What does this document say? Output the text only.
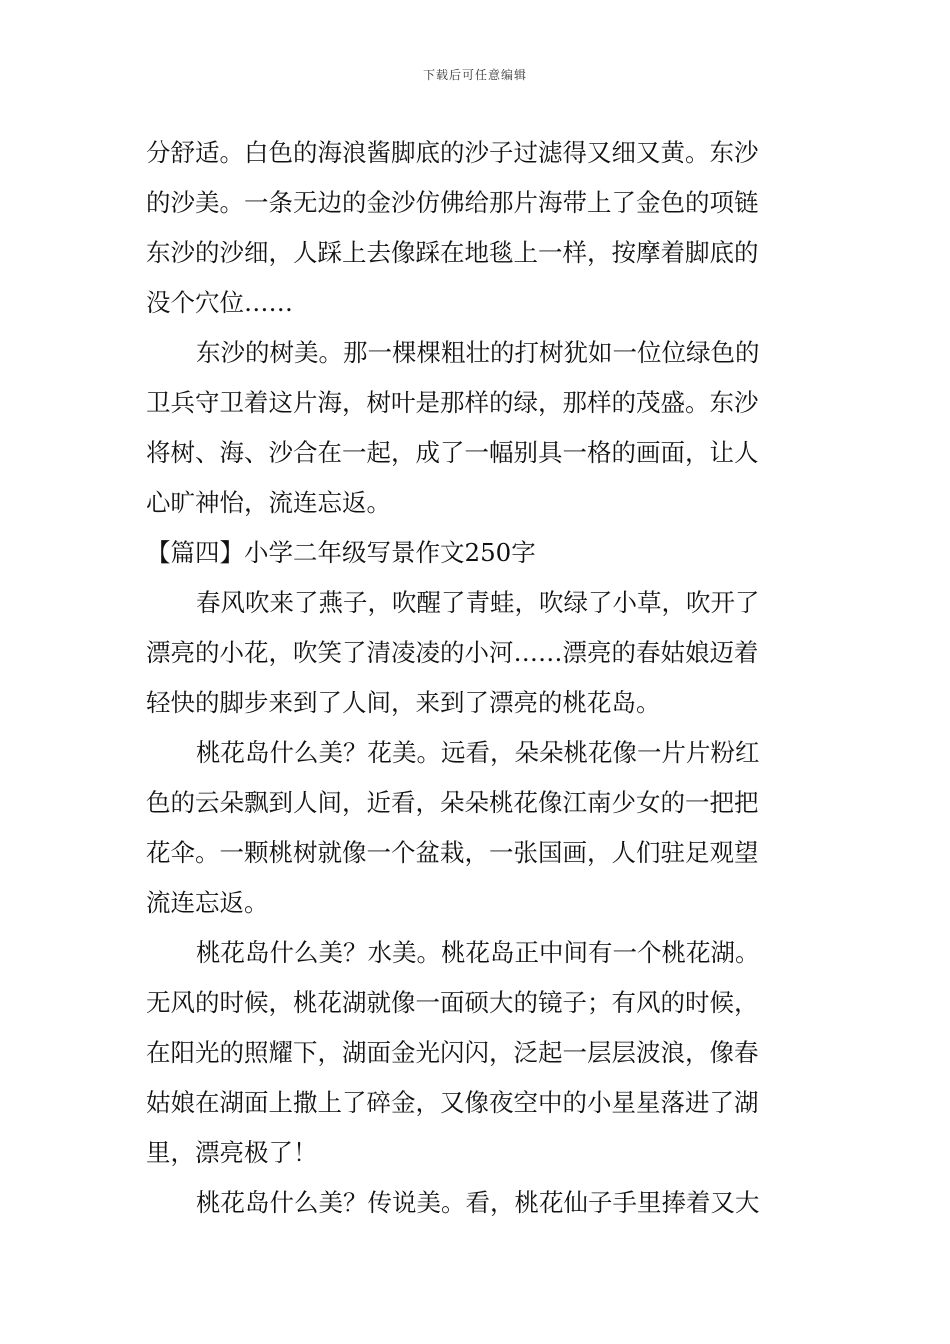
下载后可任意编辑
分舒适。白色的海浪酱脚底的沙子过滤得又细又黄。东沙
的沙美。一条无边的金沙仿佛给那片海带上了金色的项链
东沙的沙细，人踩上去像踩在地毯上一样，按摩着脚底的
没个穴位……
东沙的树美。那一棵棵粗壮的打树犹如一位位绿色的
卫兵守卫着这片海，树叶是那样的绿，那样的茂盛。东沙
将树、海、沙合在一起，成了一幅别具一格的画面，让人
心旷神怡，流连忘返。
【篇四】小学二年级写景作文250字
春风吹来了燕子，吹醒了青蛙，吹绿了小草，吹开了
漂亮的小花，吹笑了清凌凌的小河……漂亮的春姑娘迈着
轻快的脚步来到了人间，来到了漂亮的桃花岛。
桃花岛什么美？花美。远看，朵朵桃花像一片片粉红
色的云朵飘到人间，近看，朵朵桃花像江南少女的一把把
花伞。一颗桃树就像一个盆栽，一张国画，人们驻足观望
流连忘返。
桃花岛什么美？水美。桃花岛正中间有一个桃花湖。
无风的时候，桃花湖就像一面硕大的镜子；有风的时候，
在阳光的照耀下，湖面金光闪闪，泛起一层层波浪，像春
姑娘在湖面上撒上了碎金，又像夜空中的小星星落进了湖
里，漂亮极了！
桃花岛什么美？传说美。看，桃花仙子手里捧着又大
